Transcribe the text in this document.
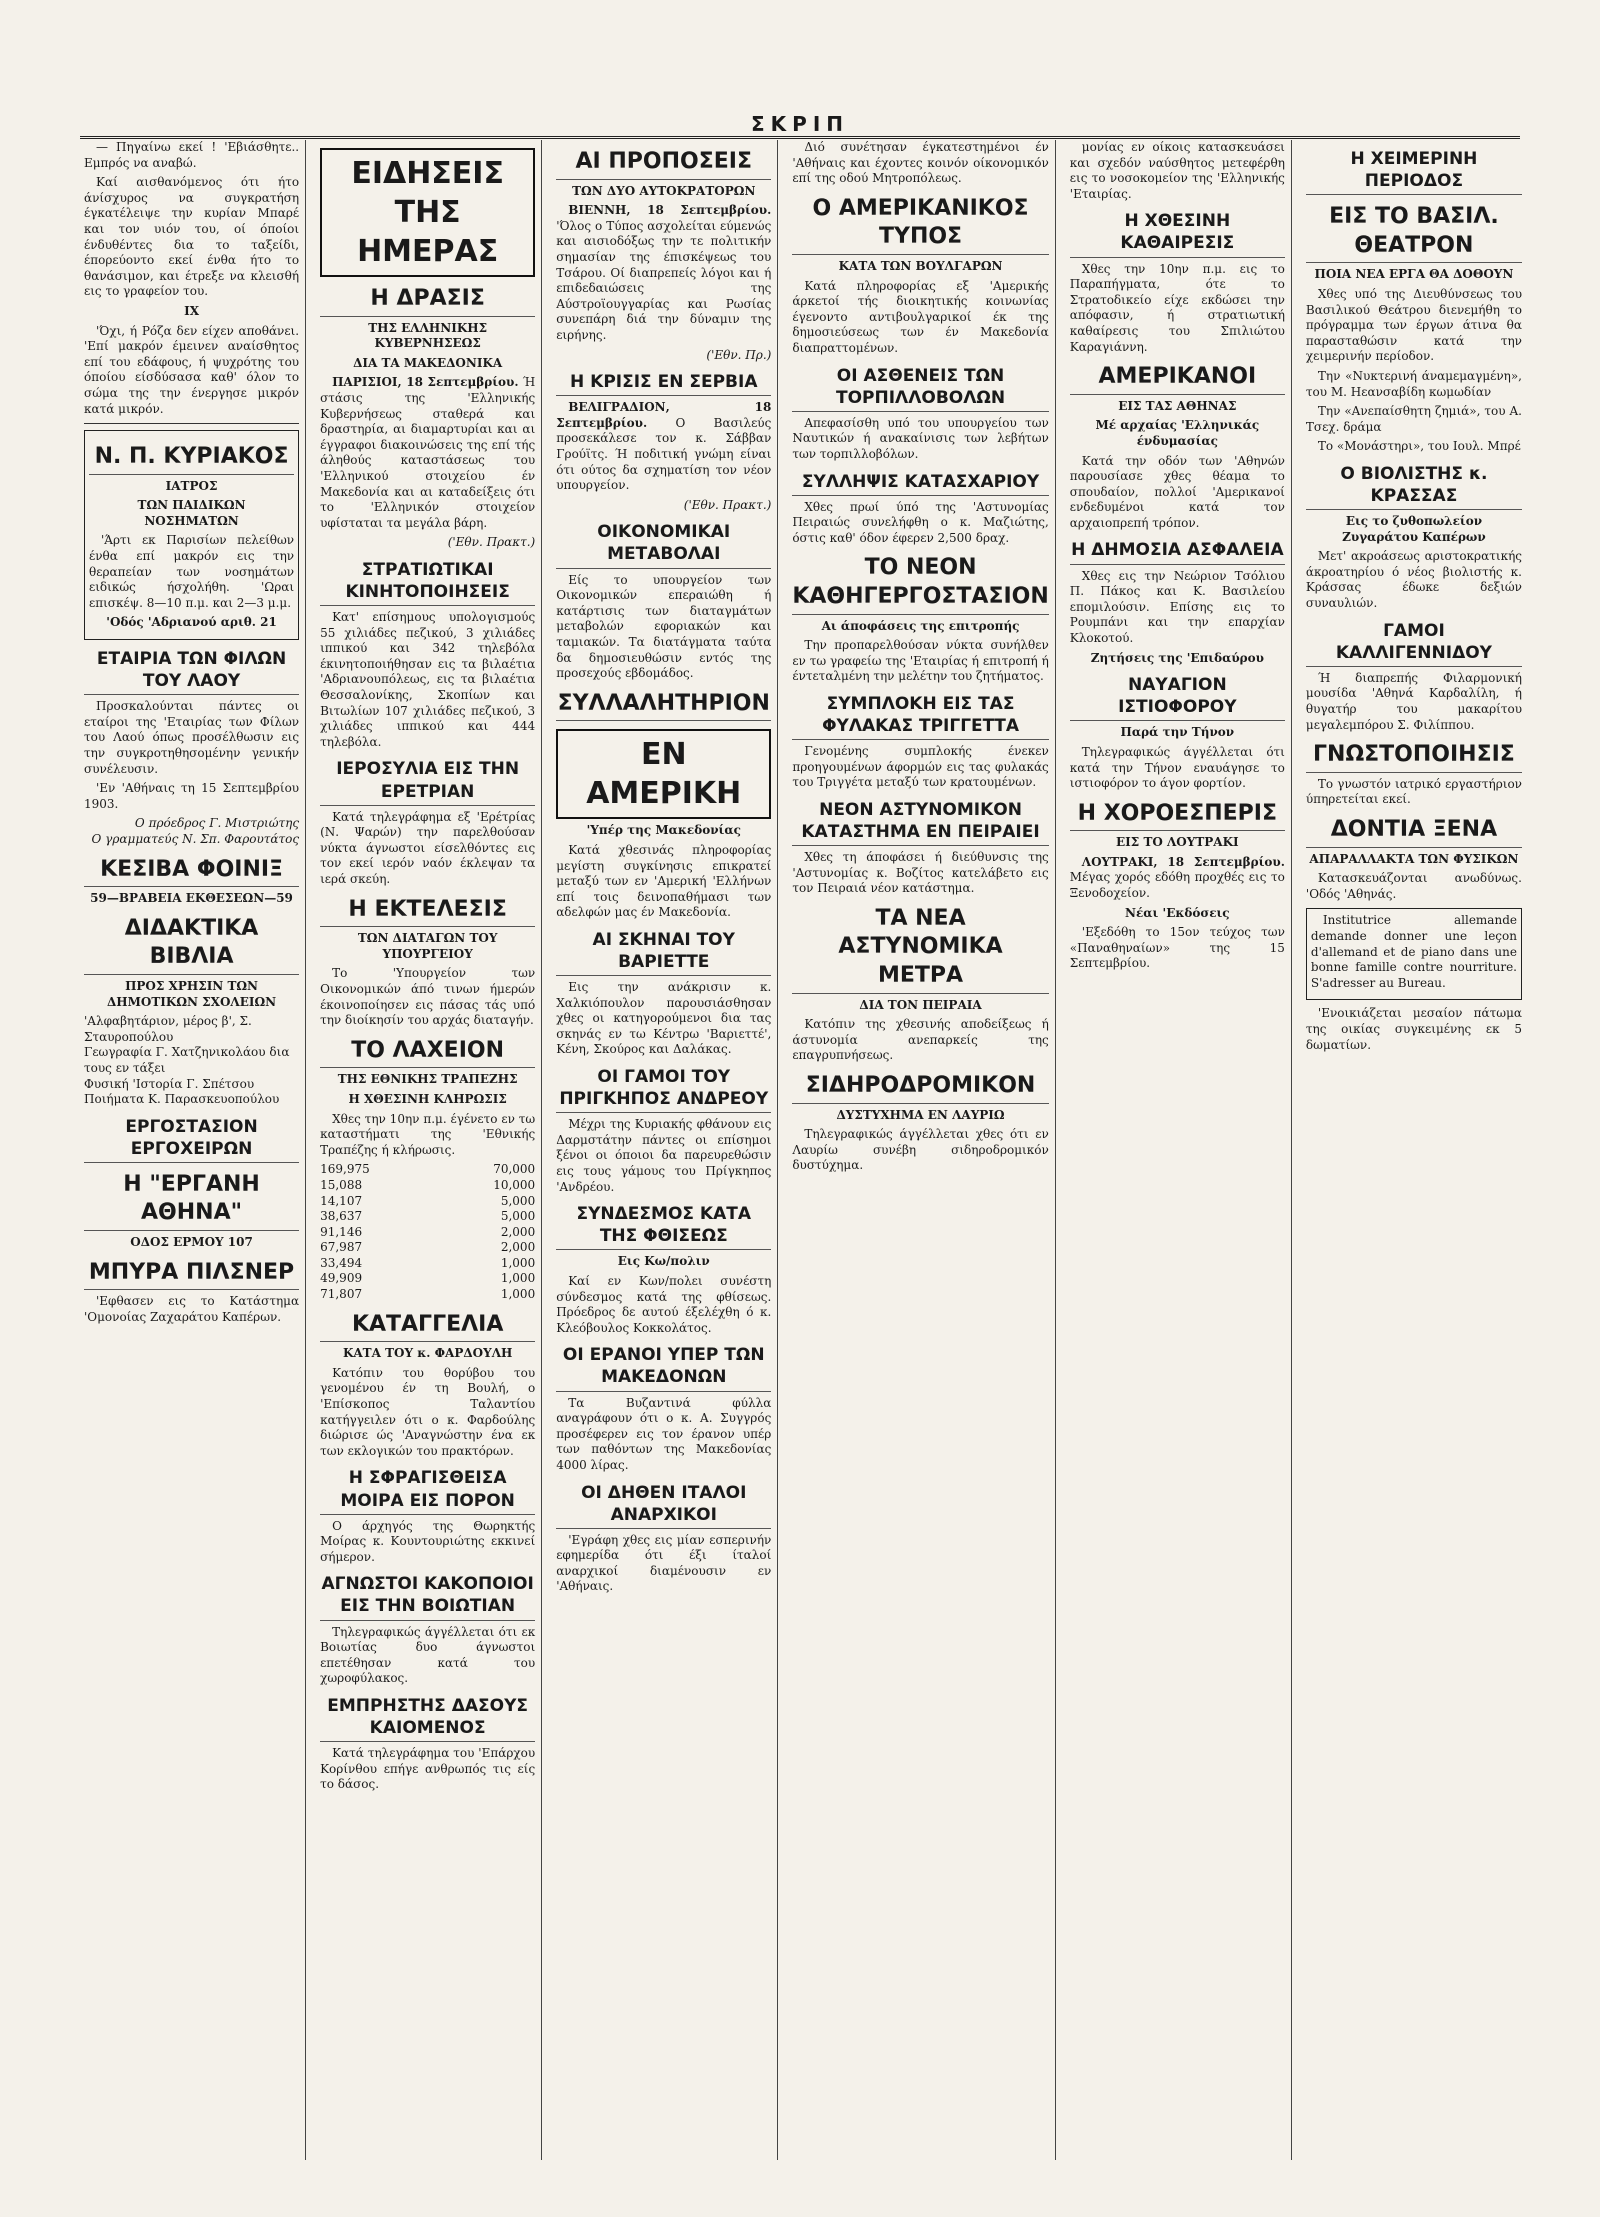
ΣΚΡΙΠ

— Πηγαίνω εκεί ! 'Εβιάσθητε.. Εμπρός να αναβώ.

Καί αισθανόμενος ότι ήτο άνίσχυρος να συγκρατήση έγκατέλειψε την κυρίαν Μπαρέ και τον υιόν του, οί όποίοι ένδυθέντες δια το ταξείδι, έπορεύοντο εκεί ένθα ήτο το θανάσιμον, και έτρεξε να κλεισθή εις το γραφείον του.

IX

'Όχι, ή Ρόζα δεν είχεν αποθάνει. 'Επί μακρόν έμεινεν αναίσθητος επί του εδάφους, ή ψυχρότης του όποίου είσδύσασα καθ' όλον το σώμα της την ένεργησε μικρόν κατά μικρόν.

Ν. Π. ΚΥΡΙΑΚΟΣ
ΙΑΤΡΟΣ
ΤΩΝ ΠΑΙΔΙΚΩΝ ΝΟΣΗΜΑΤΩΝ

'Άρτι εκ Παρισίων πελείθων ένθα επί μακρόν εις την θεραπείαν των νοσημάτων ειδικώς ήσχολήθη. 'Ωραι επισκέψ. 8—10 π.μ. και 2—3 μ.μ.

'Οδός 'Αδριανού αριθ. 21
ΕΤΑΙΡΙΑ ΤΩΝ ΦΙΛΩΝ ΤΟΥ ΛΑΟΥ

Προσκαλούνται πάντες οι εταίροι της 'Εταιρίας των Φίλων του Λαού όπως προσέλθωσιν εις την συγκροτηθησομένην γενικήν συνέλευσιν.

'Εν 'Αθήναις τη 15 Σεπτεμβρίου 1903.

Ο πρόεδρος Γ. Μιστριώτης
Ο γραμματεύς Ν. Σπ. Φαρουτάτος
ΚΕΣΙΒΑ ΦΟΙΝΙΞ
59—ΒΡΑΒΕΙΑ ΕΚΘΕΣΕΩΝ—59
ΔΙΔΑΚΤΙΚΑ ΒΙΒΛΙΑ
ΠΡΟΣ ΧΡΗΣΙΝ ΤΩΝ ΔΗΜΟΤΙΚΩΝ ΣΧΟΛΕΙΩΝ
'Αλφαβητάριον, μέρος β', Σ. Σταυροπούλου
Γεωγραφία Γ. Χατζηνικολάου δια τους εν τάξει
Φυσική 'Ιστορία Γ. Σπέτσου
Ποιήματα Κ. Παρασκευοπούλου
ΕΡΓΟΣΤΑΣΙΟΝ ΕΡΓΟΧΕΙΡΩΝ
Η "ΕΡΓΑΝΗ ΑΘΗΝΑ"
ΟΔΟΣ ΕΡΜΟΥ 107
ΜΠΥΡΑ ΠΙΛΣΝΕΡ

'Εφθασεν εις το Κατάστημα 'Ομονοίας Ζαχαράτου Καπέρων.

ΕΙΔΗΣΕΙΣ ΤΗΣ ΗΜΕΡΑΣ
Η ΔΡΑΣΙΣ
ΤΗΣ ΕΛΛΗΝΙΚΗΣ ΚΥΒΕΡΝΗΣΕΩΣ
ΔΙΑ ΤΑ ΜΑΚΕΔΟΝΙΚΑ

ΠΑΡΙΣΙΟΙ, 18 Σεπτεμβρίου. Ή στάσις της 'Ελληνικής Κυβερνήσεως σταθερά και δραστηρία, αι διαμαρτυρίαι και αι έγγραφοι διακοινώσεις της επί τής άληθούς καταστάσεως του 'Ελληνικού στοιχείου έν Μακεδονία και αι καταδείξεις ότι το 'Ελληνικόν στοιχείον υφίσταται τα μεγάλα βάρη.

('Εθν. Πρακτ.)
ΣΤΡΑΤΙΩΤΙΚΑΙ ΚΙΝΗΤΟΠΟΙΗΣΕΙΣ

Κατ' επίσημους υπολογισμούς 55 χιλιάδες πεζικού, 3 χιλιάδες ιππικού και 342 τηλεβόλα έκινητοποιήθησαν εις τα βιλαέτια 'Αδριανουπόλεως, εις τα βιλαέτια Θεσσαλονίκης, Σκοπίων και Βιτωλίων 107 χιλιάδες πεζικού, 3 χιλιάδες ιππικού και 444 τηλεβόλα.

ΙΕΡΟΣΥΛΙΑ ΕΙΣ ΤΗΝ ΕΡΕΤΡΙΑΝ

Κατά τηλεγράφημα εξ 'Ερέτρίας (Ν. Ψαρών) την παρελθούσαν νύκτα άγνωστοι είσελθόντες εις τον εκεί ιερόν ναόν έκλεψαν τα ιερά σκεύη.

Η ΕΚΤΕΛΕΣΙΣ
ΤΩΝ ΔΙΑΤΑΓΩΝ ΤΟΥ ΥΠΟΥΡΓΕΙΟΥ

Το 'Υπουργείον των Οικονομικών άπό τινων ήμερών έκοινοποίησεν εις πάσας τάς υπό την διοίκησίν του αρχάς διαταγήν.

ΤΟ ΛΑΧΕΙΟΝ
ΤΗΣ ΕΘΝΙΚΗΣ ΤΡΑΠΕΖΗΣ
Η ΧΘΕΣΙΝΗ ΚΛΗΡΩΣΙΣ

Χθες την 10ην π.μ. έγένετο εν τω καταστήματι της 'Εθνικής Τραπέζης ή κλήρωσις.

169,975	70,000
15,088	10,000
14,107	5,000
38,637	5,000
91,146	2,000
67,987	2,000
33,494	1,000
49,909	1,000
71,807	1,000
ΚΑΤΑΓΓΕΛΙΑ
ΚΑΤΑ ΤΟΥ κ. ΦΑΡΔΟΥΛΗ

Κατόπιν του θορύβου του γενομένου έν τη Βουλή, ο 'Επίσκοπος Ταλαντίου κατήγγειλεν ότι ο κ. Φαρδούλης διώρισε ώς 'Αναγνώστην ένα εκ των εκλογικών του πρακτόρων.

Η ΣΦΡΑΓΙΣΘΕΙΣΑ ΜΟΙΡΑ ΕΙΣ ΠΟΡΟΝ

Ο άρχηγός της Θωρηκτής Μοίρας κ. Κουντουριώτης εκκινεί σήμερον.

ΑΓΝΩΣΤΟΙ ΚΑΚΟΠΟΙΟΙ ΕΙΣ ΤΗΝ ΒΟΙΩΤΙΑΝ

Τηλεγραφικώς άγγέλλεται ότι εκ Βοιωτίας δυο άγνωστοι επετέθησαν κατά του χωροφύλακος.

ΕΜΠΡΗΣΤΗΣ ΔΑΣΟΥΣ ΚΑΙΟΜΕΝΟΣ

Κατά τηλεγράφημα του 'Επάρχου Κορίνθου επήγε ανθρωπός τις είς το δάσος.

ΑΙ ΠΡΟΠΟΣΕΙΣ
ΤΩΝ ΔΥΟ ΑΥΤΟΚΡΑΤΟΡΩΝ

ΒΙΕΝΝΗ, 18 Σεπτεμβρίου. 'Όλος ο Τύπος ασχολείται εύμενώς και αισιοδόξως την τε πολιτικήν σημασίαν της έπισκέψεως του Τσάρου. Οί διαπρεπείς λόγοι και ή επιδεδαιώσεις της Αύστροϊουγγαρίας και Ρωσίας συνεπάρη διά την δύναμιν της ειρήνης.

('Εθν. Πρ.)
Η ΚΡΙΣΙΣ ΕΝ ΣΕΡΒΙΑ

ΒΕΛΙΓΡΑΔΙΟΝ, 18 Σεπτεμβρίου. Ο Βασιλεύς προσεκάλεσε τον κ. Σάββαν Γρούϊτς. Ή ποδιτική γνώμη είναι ότι ούτος δα σχηματίση τον νέον υπουργείον.

('Εθν. Πρακτ.)
ΟΙΚΟΝΟΜΙΚΑΙ ΜΕΤΑΒΟΛΑΙ

Είς το υπουργείον των Οικονομικών επεραιώθη ή κατάρτισις των διαταγμάτων μεταβολών εφοριακών και ταμιακών. Τα διατάγματα ταύτα δα δημοσιευθώσιν εντός της προσεχούς εβδομάδος.

ΣΥΛΛΑΛΗΤΗΡΙΟΝ
ΕΝ ΑΜΕΡΙΚΗ
'Υπέρ της Μακεδονίας

Κατά χθεσινάς πληροφορίας μεγίστη συγκίνησις επικρατεί μεταξύ των εν 'Αμερική 'Ελλήνων επί τοις δεινοπαθήμασι των αδελφών μας έν Μακεδονία.

ΑΙ ΣΚΗΝΑΙ ΤΟΥ ΒΑΡΙΕΤΤΕ

Εις την ανάκρισιν κ. Χαλκιόπουλον παρουσιάσθησαν χθες οι κατηγορούμενοι δια τας σκηνάς εν τω Κέντρω 'Βαριεττέ', Κένη, Σκούρος και Δαλάκας.

ΟΙ ΓΑΜΟΙ ΤΟΥ ΠΡΙΓΚΗΠΟΣ ΑΝΔΡΕΟΥ

Μέχρι της Κυριακής φθάνουν εις Δαρμστάτην πάντες οι επίσημοι ξένοι οι όποιοι δα παρευρεθώσιν εις τους γάμους του Πρίγκηπος 'Ανδρέου.

ΣΥΝΔΕΣΜΟΣ ΚΑΤΑ ΤΗΣ ΦΘΙΣΕΩΣ
Εις Κω/πολιν

Καί εν Κων/πολει συνέστη σύνδεσμος κατά της φθίσεως. Πρόεδρος δε αυτού έξελέχθη ό κ. Κλεόβουλος Κοκκολάτος.

ΟΙ ΕΡΑΝΟΙ ΥΠΕΡ ΤΩΝ ΜΑΚΕΔΟΝΩΝ

Τα Βυζαντινά φύλλα αναγράφουν ότι ο κ. Α. Συγγρός προσέφερεν εις τον έρανον υπέρ των παθόντων της Μακεδονίας 4000 λίρας.

ΟΙ ΔΗΘΕΝ ΙΤΑΛΟΙ ΑΝΑΡΧΙΚΟΙ

'Εγράφη χθες εις μίαν εσπερινήν εφημερίδα ότι έξι ίταλοί αναρχικοί διαμένουσιν εν 'Αθήναις.

Διό συνέτησαν έγκατεστημένοι έν 'Αθήναις και έχοντες κοινόν οίκονομικόν επί της οδού Μητροπόλεως.

Ο ΑΜΕΡΙΚΑΝΙΚΟΣ ΤΥΠΟΣ
ΚΑΤΑ ΤΩΝ ΒΟΥΛΓΑΡΩΝ

Κατά πληροφορίας εξ 'Αμερικής άρκετοί τής διοικητικής κοινωνίας έγενοντο αντιβουλγαρικοί έκ της δημοσιεύσεως των έν Μακεδονία διαπραττομένων.

ΟΙ ΑΣΘΕΝΕΙΣ ΤΩΝ ΤΟΡΠΙΛΛΟΒΟΛΩΝ

Απεφασίσθη υπό του υπουργείου των Ναυτικών ή ανακαίνισις των λεβήτων των τορπιλλοβόλων.

ΣΥΛΛΗΨΙΣ ΚΑΤΑΣΧΑΡΙΟΥ

Χθες πρωί ύπό της 'Αστυνομίας Πειραιώς συνελήφθη ο κ. Μαζιώτης, όστις καθ' όδον έφερεν 2,500 δραχ.

ΤΟ ΝΕΟΝ ΚΑΘΗΓΕΡΓΟΣΤΑΣΙΟΝ
Αι άποφάσεις της επιτροπής

Την προπαρελθούσαν νύκτα συνήλθεν εν τω γραφείω της 'Εταιρίας ή επιτροπή ή έντεταλμένη την μελέτην του ζητήματος.

ΣΥΜΠΛΟΚΗ ΕΙΣ ΤΑΣ ΦΥΛΑΚΑΣ ΤΡΙΓΓΕΤΤΑ

Γενομένης συμπλοκής ένεκεν προηγουμένων άφορμών εις τας φυλακάς του Τριγγέτα μεταξύ των κρατουμένων.

ΝΕΟΝ ΑΣΤΥΝΟΜΙΚΟΝ ΚΑΤΑΣΤΗΜΑ ΕΝ ΠΕΙΡΑΙΕΙ

Χθες τη άποφάσει ή διεύθυνσις της 'Αστυνομίας κ. Βοζίτος κατελάβετο εις τον Πειραιά νέον κατάστημα.

ΤΑ ΝΕΑ ΑΣΤΥΝΟΜΙΚΑ ΜΕΤΡΑ
ΔΙΑ ΤΟΝ ΠΕΙΡΑΙΑ

Κατόπιν της χθεσινής αποδείξεως ή άστυνομία ανεπαρκείς της επαγρυπνήσεως.

ΣΙΔΗΡΟΔΡΟΜΙΚΟΝ
ΔΥΣΤΥΧΗΜΑ ΕΝ ΛΑΥΡΙΩ

Τηλεγραφικώς άγγέλλεται χθες ότι εν Λαυρίω συνέβη σιδηροδρομικόν δυστύχημα.

μονίας εν οίκοις κατασκευάσει και σχεδόν ναύσθητος μετεφέρθη εις το νοσοκομείον της 'Ελληνικής 'Εταιρίας.

Η ΧΘΕΣΙΝΗ ΚΑΘΑΙΡΕΣΙΣ

Χθες την 10ην π.μ. εις το Παραπήγματα, ότε το Στρατοδικείο είχε εκδώσει την απόφασιν, ή στρατιωτική καθαίρεσις του Σπιλιώτου Καραγιάννη.

ΑΜΕΡΙΚΑΝΟΙ
ΕΙΣ ΤΑΣ ΑΘΗΝΑΣ
Μέ αρχαίας 'Ελληνικάς ένδυμασίας

Κατά την οδόν των 'Αθηνών παρουσίασε χθες θέαμα το σπουδαίον, πολλοί 'Αμερικανοί ενδεδυμένοι κατά τον αρχαιοπρεπή τρόπον.

Η ΔΗΜΟΣΙΑ ΑΣΦΑΛΕΙΑ

Χθες εις την Νεώριον Τσόλιου Π. Πάκος και Κ. Βασιλείου επομιλούσιν. Επίσης εις το Ρουμπάνι και την επαρχίαν Κλοκοτού.

Ζητήσεις της 'Επιδαύρου
ΝΑΥΑΓΙΟΝ ΙΣΤΙΟΦΟΡΟΥ
Παρά την Τήνον

Τηλεγραφικώς άγγέλλεται ότι κατά την Τήνον εναυάγησε το ιστιοφόρον το άγον φορτίον.

Η ΧΟΡΟΕΣΠΕΡΙΣ
ΕΙΣ ΤΟ ΛΟΥΤΡΑΚΙ

ΛΟΥΤΡΑΚΙ, 18 Σεπτεμβρίου. Μέγας χορός εδόθη προχθές εις το Ξενοδοχείον.

Νέαι 'Εκδόσεις

'Εξεδόθη το 15ον τεύχος των «Παναθηναίων» της 15 Σεπτεμβρίου.

Η ΧΕΙΜΕΡΙΝΗ ΠΕΡΙΟΔΟΣ
ΕΙΣ ΤΟ ΒΑΣΙΛ. ΘΕΑΤΡΟΝ
ΠΟΙΑ ΝΕΑ ΕΡΓΑ ΘΑ ΔΟΘΟΥΝ

Χθες υπό της Διευθύνσεως του Βασιλικού Θεάτρου διενεμήθη το πρόγραμμα των έργων άτινα θα παρασταθώσιν κατά την χειμερινήν περίοδον.

Την «Νυκτερινή άναμεμαγμένη», του Μ. Ηεανσαβίδη κωμωδίαν

Την «Ανεπαίσθητη ζημιά», του Α. Τσεχ. δράμα

Το «Μονάστηρι», του Ιουλ. Μπρέ

Ο ΒΙΟΛΙΣΤΗΣ κ. ΚΡΑΣΣΑΣ
Εις το ζυθοπωλείον Ζυγαράτου Καπέρων

Μετ' ακροάσεως αριστοκρατικής άκροατηρίου ό νέος βιολιστής κ. Κράσσας έδωκε δεξιών συναυλιών.

ΓΑΜΟΙ ΚΑΛΛΙΓΕΝΝΙΔΟΥ

Ή διαπρεπής Φιλαρμονική μουσίδα 'Αθηνά Καρδαλίλη, ή θυγατήρ του μακαρίτου μεγαλεμπόρου Σ. Φιλίππου.

ΓΝΩΣΤΟΠΟΙΗΣΙΣ

Το γνωστόν ιατρικό εργαστήριον ύπηρετείται εκεί.

ΔΟΝΤΙΑ ΞΕΝΑ
ΑΠΑΡΑΛΛΑΚΤΑ ΤΩΝ ΦΥΣΙΚΩΝ

Κατασκευάζονται ανωδύνως. 'Οδός 'Αθηνάς.

Institutrice allemande demande donner une leçon d'allemand et de piano dans une bonne famille contre nourriture. S'adresser au Bureau.

'Ενοικιάζεται μεσαίον πάτωμα της οικίας συγκειμένης εκ 5 δωματίων.
